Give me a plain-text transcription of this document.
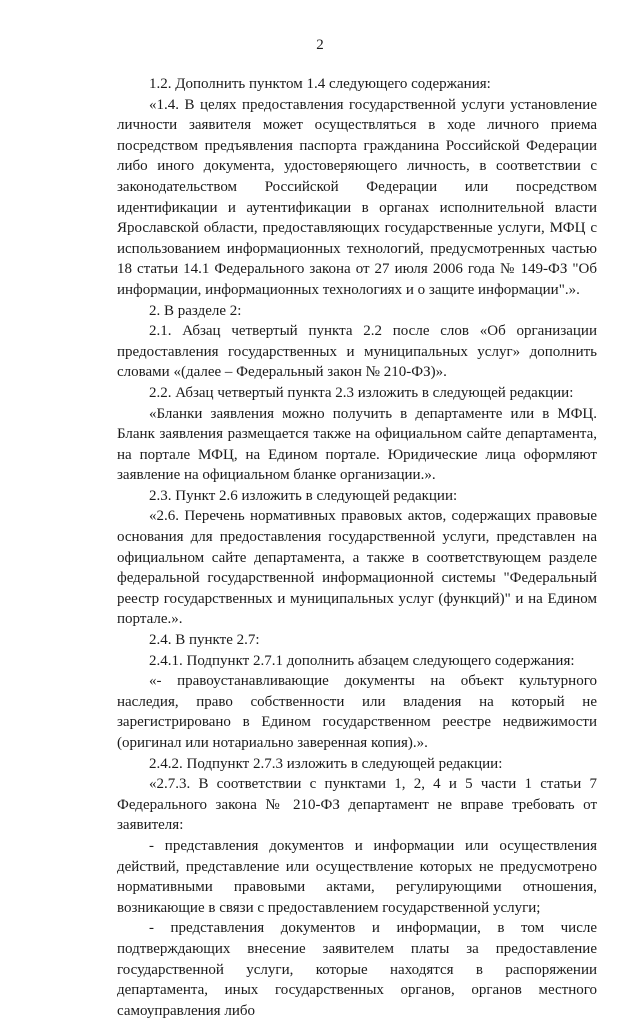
2

1.2. Дополнить пунктом 1.4 следующего содержания:

«1.4. В целях предоставления государственной услуги установление личности заявителя может осуществляться в ходе личного приема посредством предъявления паспорта гражданина Российской Федерации либо иного документа, удостоверяющего личность, в соответствии с законодательством Российской Федерации или посредством идентификации и аутентификации в органах исполнительной власти Ярославской области, предоставляющих государственные услуги, МФЦ с использованием информационных технологий, предусмотренных частью 18 статьи 14.1 Федерального закона от 27 июля 2006 года № 149-ФЗ "Об информации, информационных технологиях и о защите информации".».

2. В разделе 2:

2.1. Абзац четвертый пункта 2.2 после слов «Об организации предоставления государственных и муниципальных услуг» дополнить словами «(далее – Федеральный закон № 210-ФЗ)».

2.2. Абзац четвертый пункта 2.3 изложить в следующей редакции:

«Бланки заявления можно получить в департаменте или в МФЦ. Бланк заявления размещается также на официальном сайте департамента, на портале МФЦ, на Едином портале. Юридические лица оформляют заявление на официальном бланке организации.».

2.3. Пункт 2.6 изложить в следующей редакции:

«2.6. Перечень нормативных правовых актов, содержащих правовые основания для предоставления государственной услуги, представлен на официальном сайте департамента, а также в соответствующем разделе федеральной государственной информационной системы "Федеральный реестр государственных и муниципальных услуг (функций)" и на Едином портале.».

2.4. В пункте 2.7:

2.4.1. Подпункт 2.7.1 дополнить абзацем следующего содержания:

«- правоустанавливающие документы на объект культурного наследия, право собственности или владения на который не зарегистрировано в Едином государственном реестре недвижимости (оригинал или нотариально заверенная копия).».

2.4.2. Подпункт 2.7.3 изложить в следующей редакции:

«2.7.3. В соответствии с пунктами 1, 2, 4 и 5 части 1 статьи 7 Федерального закона № 210-ФЗ департамент не вправе требовать от заявителя:

- представления документов и информации или осуществления действий, представление или осуществление которых не предусмотрено нормативными правовыми актами, регулирующими отношения, возникающие в связи с предоставлением государственной услуги;

- представления документов и информации, в том числе подтверждающих внесение заявителем платы за предоставление государственной услуги, которые находятся в распоряжении департамента, иных государственных органов, органов местного самоуправления либо
